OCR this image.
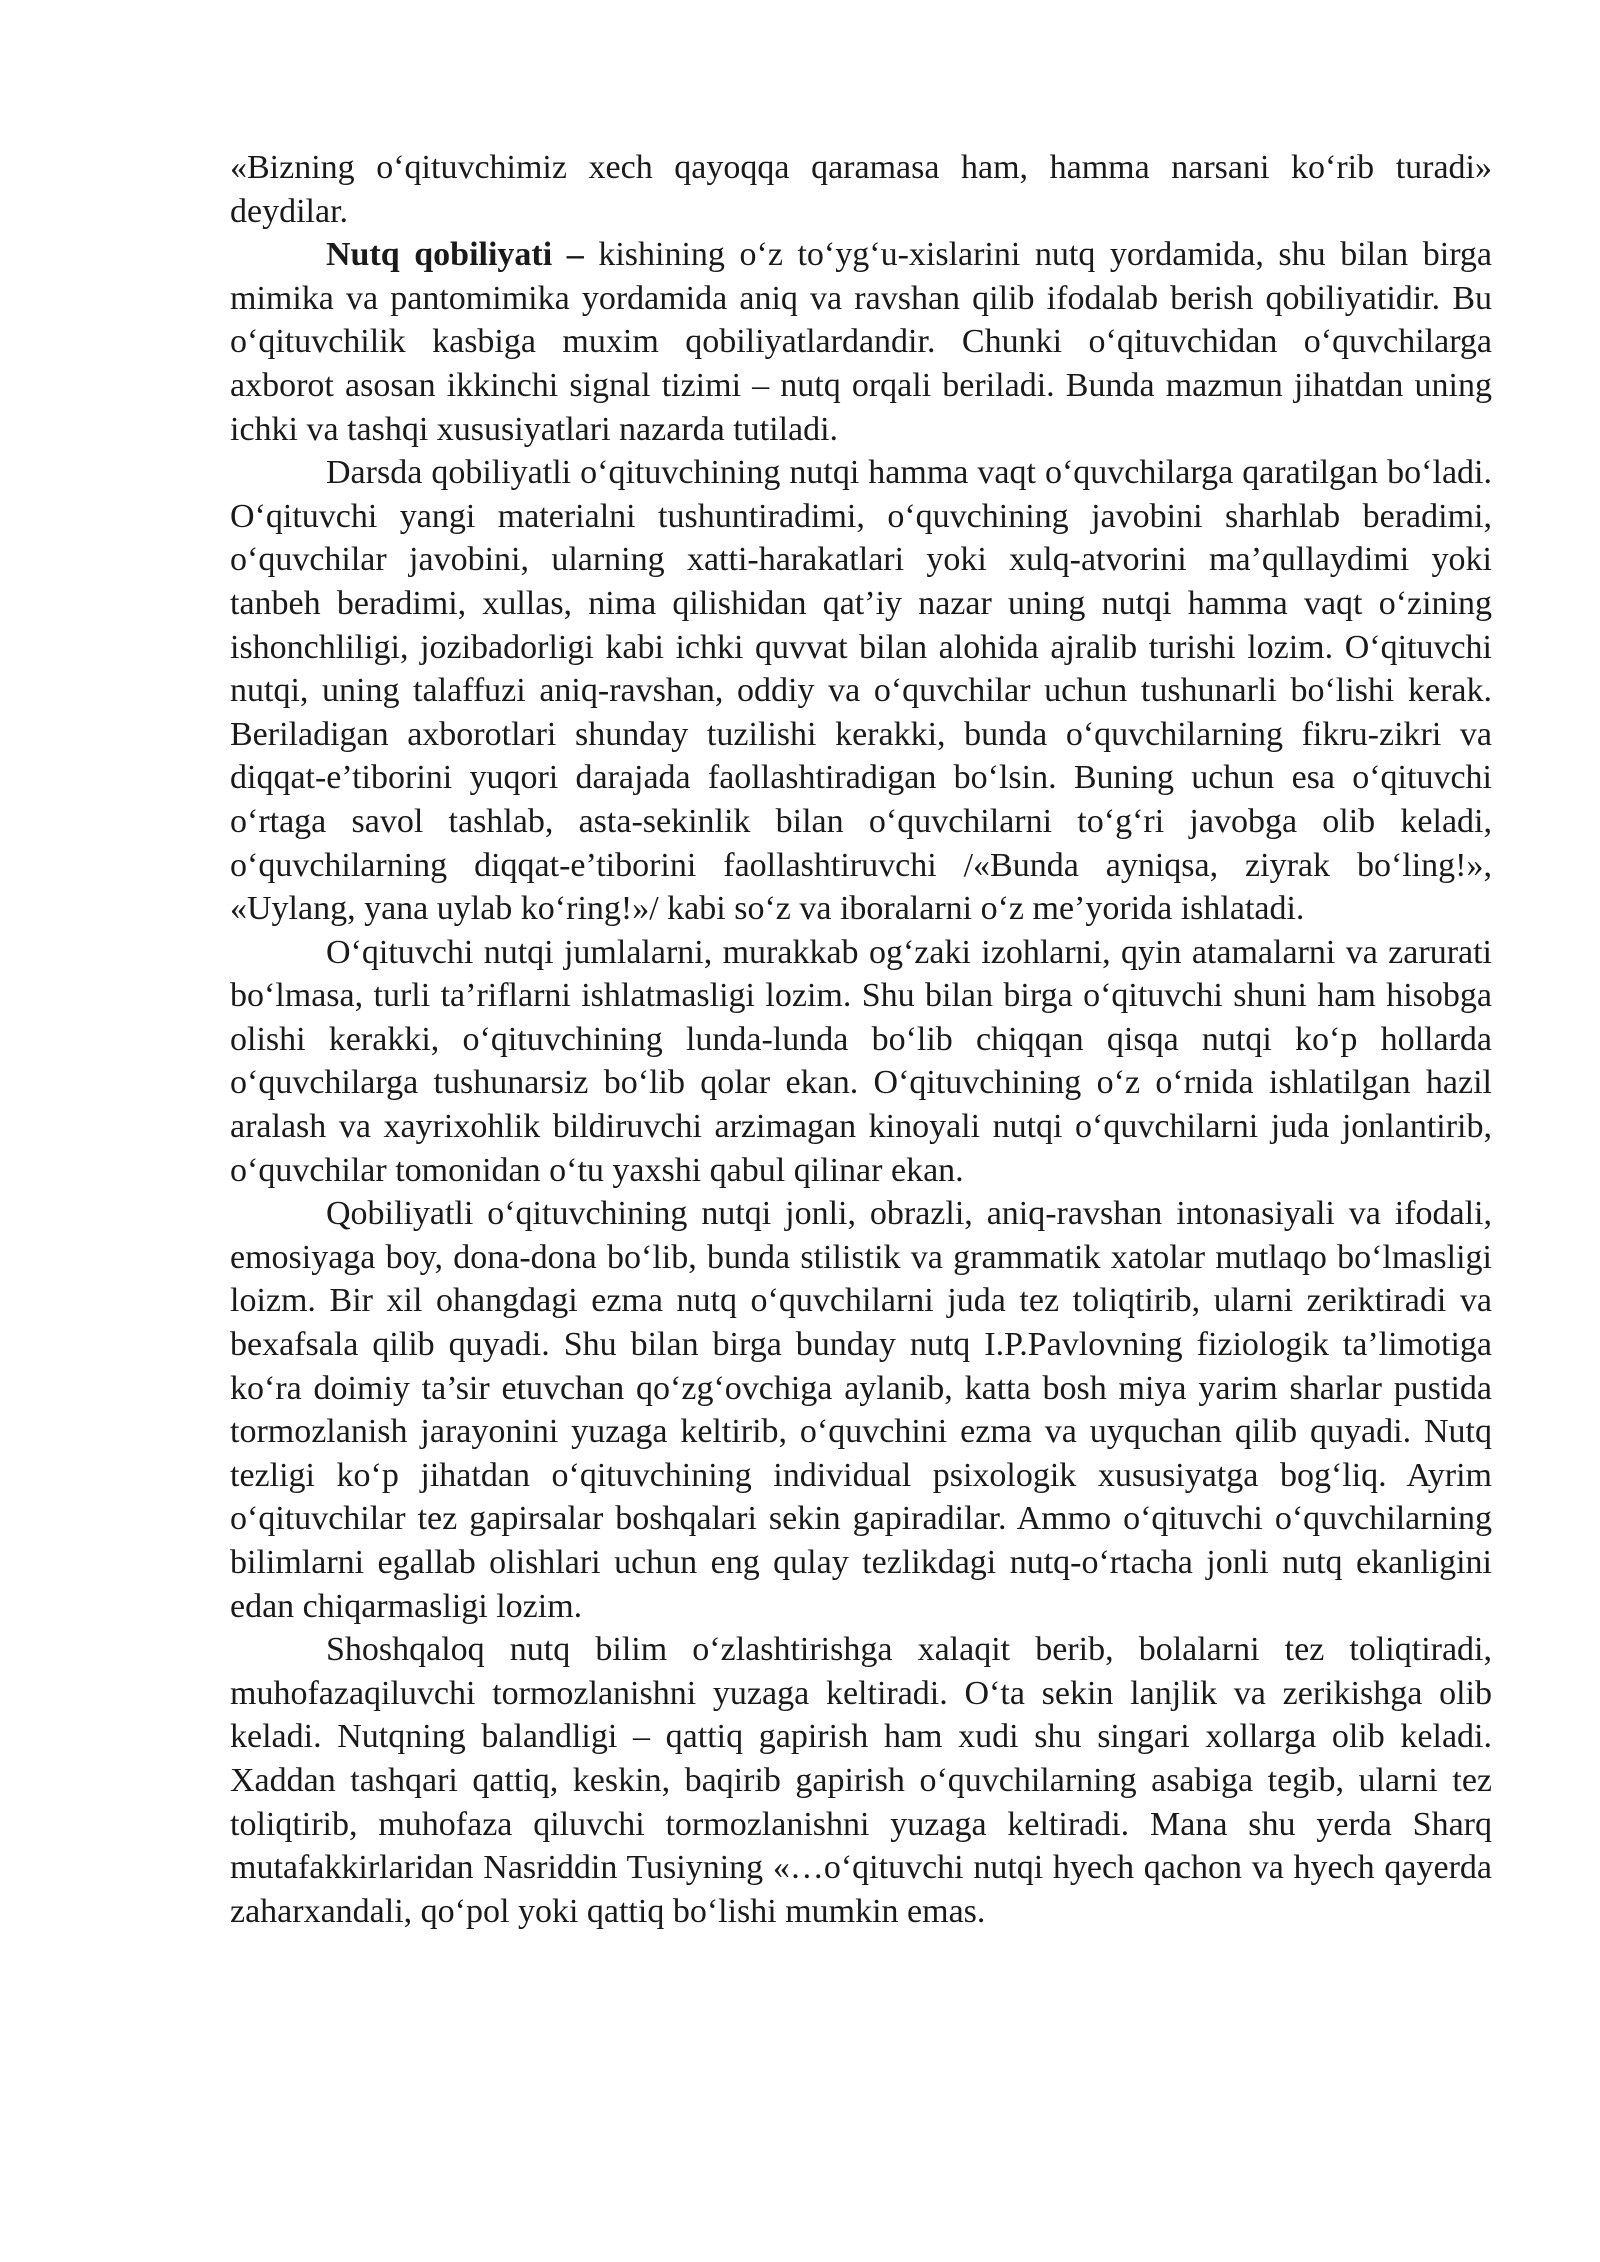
«Bizning o‘qituvchimiz xech qayoqqa qaramasa ham, hamma narsani ko‘rib turadi» deydilar.

Nutq qobiliyati – kishining o‘z to‘yg‘u-xislarini nutq yordamida, shu bilan birga mimika va pantomimika yordamida aniq va ravshan qilib ifodalab berish qobiliyatidir. Bu o‘qituvchilik kasbiga muxim qobiliyatlardandir. Chunki o‘qituvchidan o‘quvchilarga axborot asosan ikkinchi signal tizimi – nutq orqali beriladi. Bunda mazmun jihatdan uning ichki va tashqi xususiyatlari nazarda tutiladi.

Darsda qobiliyatli o‘qituvchining nutqi hamma vaqt o‘quvchilarga qaratilgan bo‘ladi. O‘qituvchi yangi materialni tushuntiradimi, o‘quvchining javobini sharhlab beradimi, o‘quvchilar javobini, ularning xatti-harakatlari yoki xulq-atvorini ma’qullaydimi yoki tanbeh beradimi, xullas, nima qilishidan qat’iy nazar uning nutqi hamma vaqt o‘zining ishonchliligi, jozibadorligi kabi ichki quvvat bilan alohida ajralib turishi lozim. O‘qituvchi nutqi, uning talaffuzi aniq-ravshan, oddiy va o‘quvchilar uchun tushunarli bo‘lishi kerak. Beriladigan axborotlari shunday tuzilishi kerakki, bunda o‘quvchilarning fikru-zikri va diqqat-e’tiborini yuqori darajada faollashtiradigan bo‘lsin. Buning uchun esa o‘qituvchi o‘rtaga savol tashlab, asta-sekinlik bilan o‘quvchilarni to‘g‘ri javobga olib keladi, o‘quvchilarning diqqat-e’tiborini faollashtiruvchi /«Bunda ayniqsa, ziyrak bo‘ling!», «Uylang, yana uylab ko‘ring!»/ kabi so‘z va iboralarni o‘z me’yorida ishlatadi.

O‘qituvchi nutqi jumlalarni, murakkab og‘zaki izohlarni, qyin atamalarni va zarurati bo‘lmasa, turli ta’riflarni ishlatmasligi lozim. Shu bilan birga o‘qituvchi shuni ham hisobga olishi kerakki, o‘qituvchining lunda-lunda bo‘lib chiqqan qisqa nutqi ko‘p hollarda o‘quvchilarga tushunarsiz bo‘lib qolar ekan. O‘qituvchining o‘z o‘rnida ishlatilgan hazil aralash va xayrixohlik bildiruvchi arzimagan kinoyali nutqi o‘quvchilarni juda jonlantirib, o‘quvchilar tomonidan o‘tu yaxshi qabul qilinar ekan.

Qobiliyatli o‘qituvchining nutqi jonli, obrazli, aniq-ravshan intonasiyali va ifodali, emosiyaga boy, dona-dona bo‘lib, bunda stilistik va grammatik xatolar mutlaqo bo‘lmasligi loizm. Bir xil ohangdagi ezma nutq o‘quvchilarni juda tez toliqtirib, ularni zeriktiradi va bexafsala qilib quyadi. Shu bilan birga bunday nutq I.P.Pavlovning fiziologik ta’limotiga ko‘ra doimiy ta’sir etuvchan qo‘zg‘ovchiga aylanib, katta bosh miya yarim sharlar pustida tormozlanish jarayonini yuzaga keltirib, o‘quvchini ezma va uyquchan qilib quyadi. Nutq tezligi ko‘p jihatdan o‘qituvchining individual psixologik xususiyatga bog‘liq. Ayrim o‘qituvchilar tez gapirsalar boshqalari sekin gapiradilar. Ammo o‘qituvchi o‘quvchilarning bilimlarni egallab olishlari uchun eng qulay tezlikdagi nutq-o‘rtacha jonli nutq ekanligini edan chiqarmasligi lozim.

Shoshqaloq nutq bilim o‘zlashtirishga xalaqit berib, bolalarni tez toliqtiradi, muhofazaqiluvchi tormozlanishni yuzaga keltiradi. O‘ta sekin lanjlik va zerikishga olib keladi. Nutqning balandligi – qattiq gapirish ham xudi shu singari xollarga olib keladi. Xaddan tashqari qattiq, keskin, baqirib gapirish o‘quvchilarning asabiga tegib, ularni tez toliqtirib, muhofaza qiluvchi tormozlanishni yuzaga keltiradi. Mana shu yerda Sharq mutafakkirlaridan Nasriddin Tusiyning «…o‘qituvchi nutqi hyech qachon va hyech qayerda zaharxandali, qo‘pol yoki qattiq bo‘lishi mumkin emas.
